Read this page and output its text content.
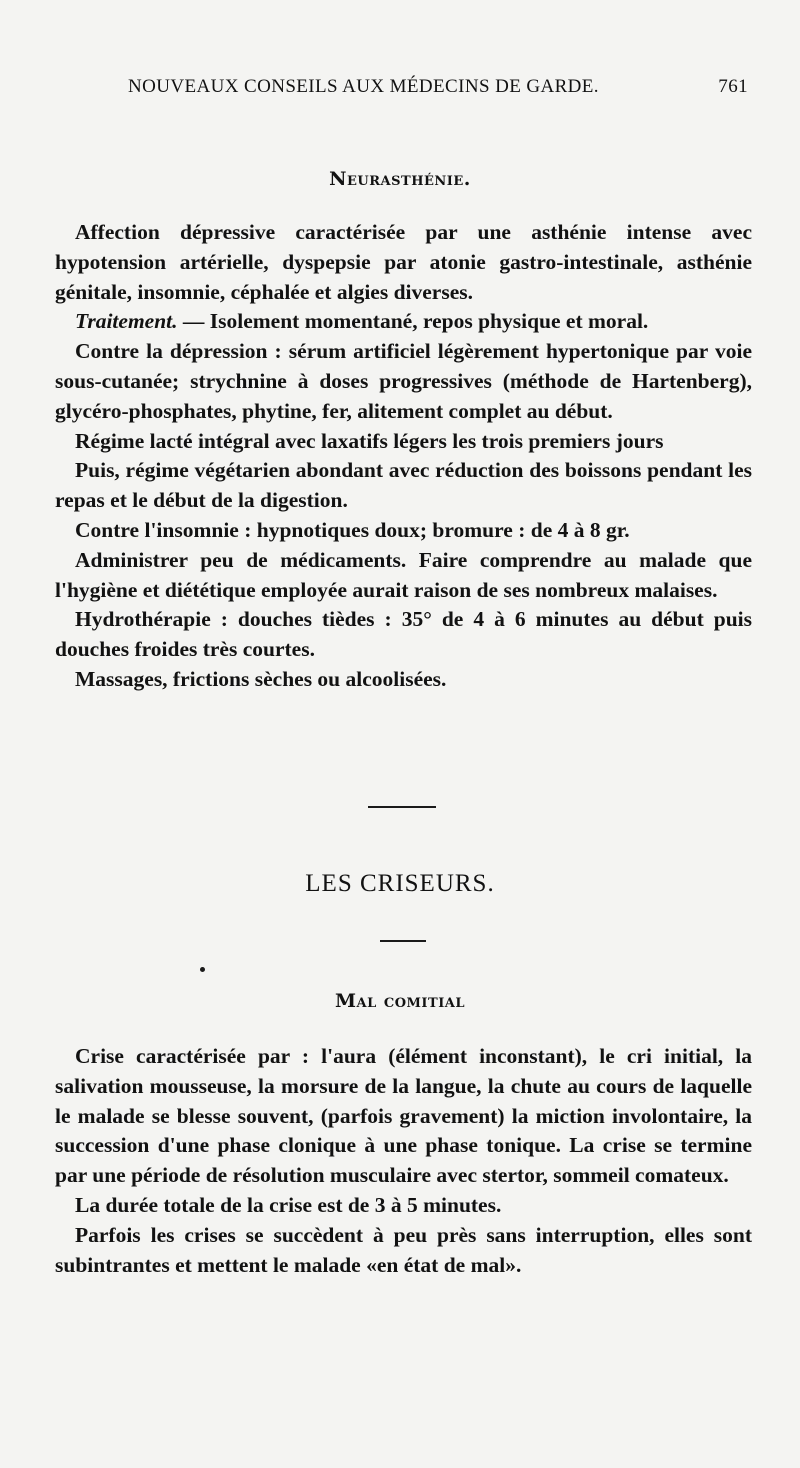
NOUVEAUX CONSEILS AUX MÉDECINS DE GARDE.	761
Neurasthénie.

Affection dépressive caractérisée par une asthénie intense avec hypotension artérielle, dyspepsie par atonie gastro-intestinale, asthénie génitale, insomnie, céphalée et algies diverses.

Traitement. — Isolement momentané, repos physique et moral.

Contre la dépression : sérum artificiel légèrement hypertonique par voie sous-cutanée; strychnine à doses progressives (méthode de Hartenberg), glycéro-phosphates, phytine, fer, alitement complet au début.

Régime lacté intégral avec laxatifs légers les trois premiers jours

Puis, régime végétarien abondant avec réduction des boissons pendant les repas et le début de la digestion.

Contre l'insomnie : hypnotiques doux; bromure : de 4 à 8 gr.

Administrer peu de médicaments. Faire comprendre au malade que l'hygiène et diététique employée aurait raison de ses nombreux malaises.

Hydrothérapie : douches tièdes : 35° de 4 à 6 minutes au début puis douches froides très courtes.

Massages, frictions sèches ou alcoolisées.

LES CRISEURS.
Mal comitial

Crise caractérisée par : l'aura (élément inconstant), le cri initial, la salivation mousseuse, la morsure de la langue, la chute au cours de laquelle le malade se blesse souvent, (parfois gravement) la miction involontaire, la succession d'une phase clonique à une phase tonique. La crise se termine par une période de résolution musculaire avec stertor, sommeil comateux.

La durée totale de la crise est de 3 à 5 minutes.

Parfois les crises se succèdent à peu près sans interruption, elles sont subintrantes et mettent le malade «en état de mal».
